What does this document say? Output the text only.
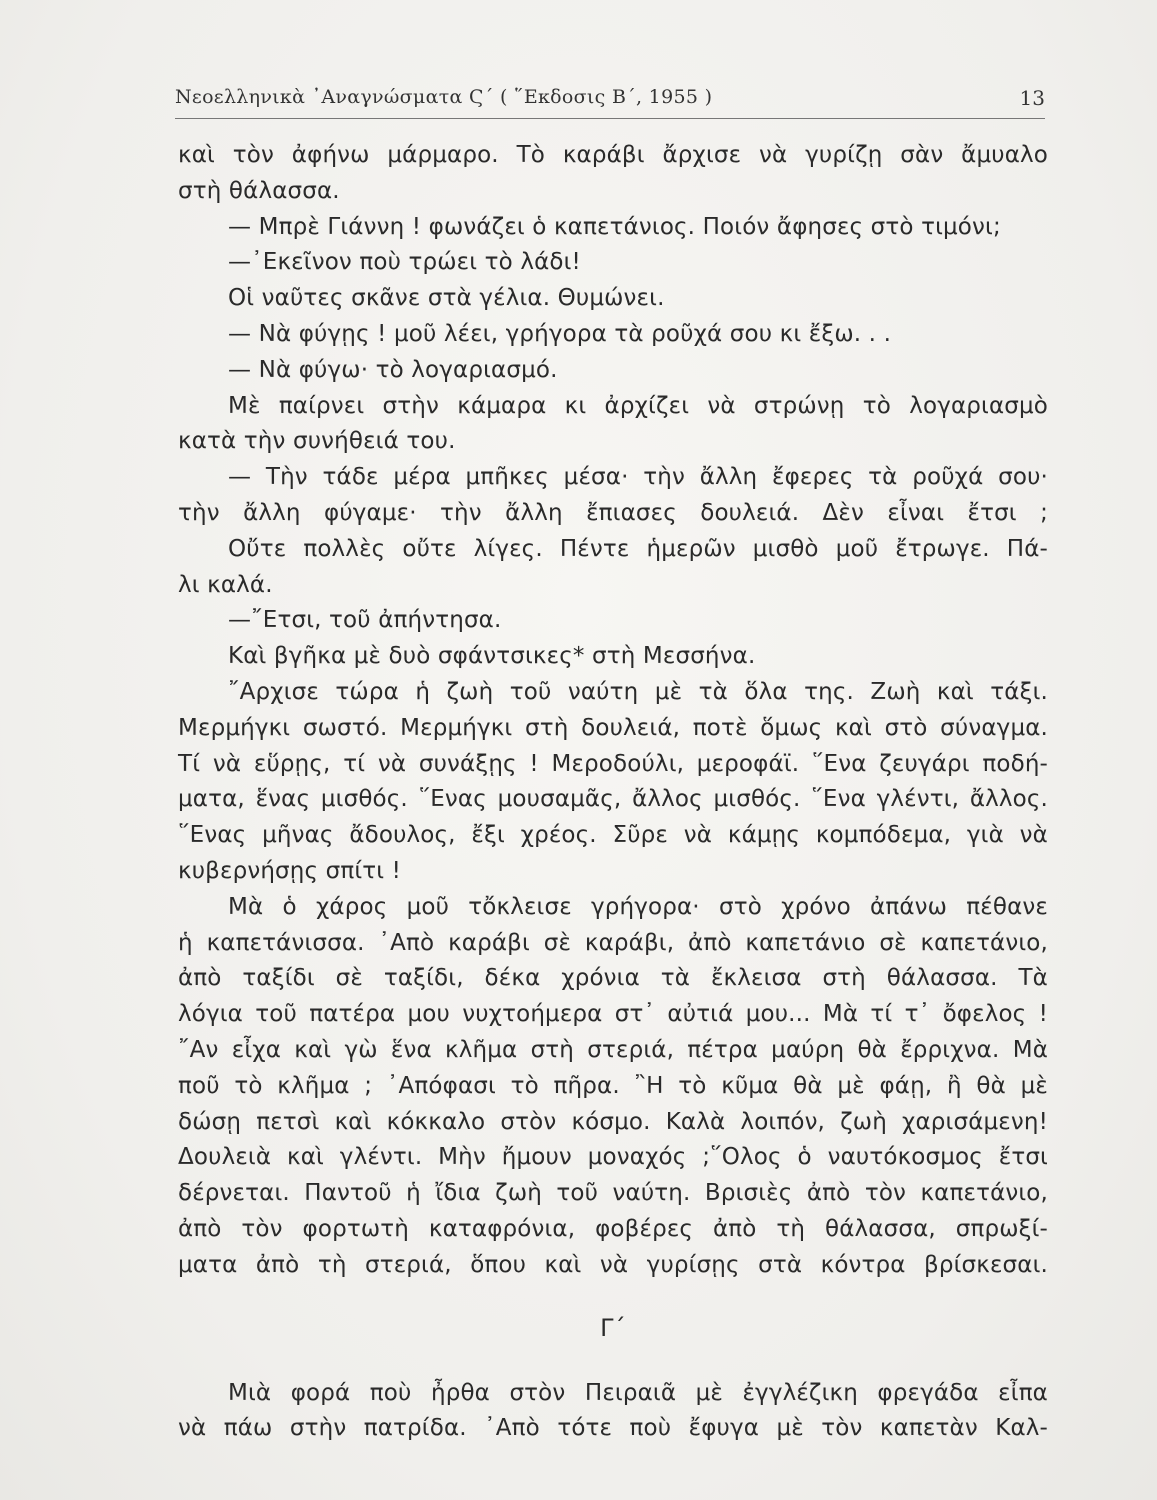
Νεοελληνικὰ ᾿Αναγνώσματα Ϛ΄ ( ῞Εκδοσις Β΄, 1955 )	13
καὶ τὸν ἀφήνω μάρμαρο. Τὸ καράβι ἄρχισε νὰ γυρίζῃ σὰν ἄμυαλο
στὴ θάλασσα.
— Μπρὲ Γιάννη ! φωνάζει ὁ καπετάνιος. Ποιόν ἄφησες στὸ τιμόνι;
—᾿Εκεῖνον ποὺ τρώει τὸ λάδι!
Οἱ ναῦτες σκᾶνε στὰ γέλια. Θυμώνει.
— Νὰ φύγῃς ! μοῦ λέει, γρήγορα τὰ ροῦχά σου κι ἔξω. . .
— Νὰ φύγω· τὸ λογαριασμό.
Μὲ παίρνει στὴν κάμαρα κι ἀρχίζει νὰ στρώνῃ τὸ λογαριασμὸ
κατὰ τὴν συνήθειά του.
— Τὴν τάδε μέρα μπῆκες μέσα· τὴν ἄλλη ἔφερες τὰ ροῦχά σου·
τὴν ἄλλη φύγαμε· τὴν ἄλλη ἔπιασες δουλειά. Δὲν εἶναι ἔτσι ;
Οὔτε πολλὲς οὔτε λίγες. Πέντε ἡμερῶν μισθὸ μοῦ ἔτρωγε. Πά-
λι καλά.
—῎Ετσι, τοῦ ἀπήντησα.
Καὶ βγῆκα μὲ δυὸ σφάντσικες* στὴ Μεσσήνα.
῎Αρχισε τώρα ἡ ζωὴ τοῦ ναύτη μὲ τὰ ὅλα της. Ζωὴ καὶ τάξι.
Μερμήγκι σωστό. Μερμήγκι στὴ δουλειά, ποτὲ ὅμως καὶ στὸ σύναγμα.
Τί νὰ εὕρῃς, τί νὰ συνάξῃς ! Μεροδούλι, μεροφάϊ. ῞Ενα ζευγάρι ποδή-
ματα, ἕνας μισθός. ῞Ενας μουσαμᾶς, ἄλλος μισθός. ῞Ενα γλέντι, ἄλλος.
῞Ενας μῆνας ἄδουλος, ἔξι χρέος. Σῦρε νὰ κάμῃς κομπόδεμα, γιὰ νὰ
κυβερνήσῃς σπίτι !
Μὰ ὁ χάρος μοῦ τὄκλεισε γρήγορα· στὸ χρόνο ἀπάνω πέθανε
ἡ καπετάνισσα. ᾿Απὸ καράβι σὲ καράβι, ἀπὸ καπετάνιο σὲ καπετάνιο,
ἀπὸ ταξίδι σὲ ταξίδι, δέκα χρόνια τὰ ἔκλεισα στὴ θάλασσα. Τὰ
λόγια τοῦ πατέρα μου νυχτοήμερα στ᾿ αὐτιά μου... Μὰ τί τ᾿ ὄφελος !
῎Αν εἶχα καὶ γὼ ἕνα κλῆμα στὴ στεριά, πέτρα μαύρη θὰ ἔρριχνα. Μὰ
ποῦ τὸ κλῆμα ; ᾿Απόφασι τὸ πῆρα. ῍Η τὸ κῦμα θὰ μὲ φάῃ, ἢ θὰ μὲ
δώσῃ πετσὶ καὶ κόκκαλο στὸν κόσμο. Καλὰ λοιπόν, ζωὴ χαρισάμενη!
Δουλειὰ καὶ γλέντι. Μὴν ἤμουν μοναχός ;῞Ολος ὁ ναυτόκοσμος ἔτσι
δέρνεται. Παντοῦ ἡ ἴδια ζωὴ τοῦ ναύτη. Βρισιὲς ἀπὸ τὸν καπετάνιο,
ἀπὸ τὸν φορτωτὴ καταφρόνια, φοβέρες ἀπὸ τὴ θάλασσα, σπρωξί-
ματα ἀπὸ τὴ στεριά, ὅπου καὶ νὰ γυρίσῃς στὰ κόντρα βρίσκεσαι.
Γ΄
Μιὰ φορά ποὺ ἦρθα στὸν Πειραιᾶ μὲ ἐγγλέζικη φρεγάδα εἶπα
νὰ πάω στὴν πατρίδα. ᾿Απὸ τότε ποὺ ἔφυγα μὲ τὸν καπετὰν Καλ-
